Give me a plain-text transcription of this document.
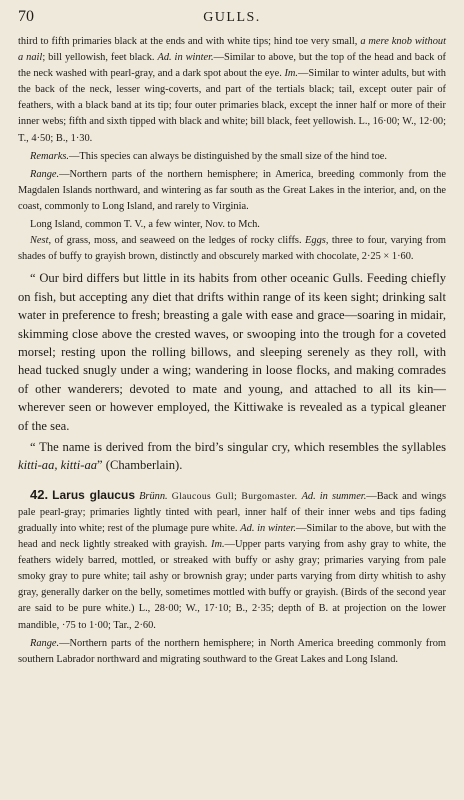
70	GULLS.

third to fifth primaries black at the ends and with white tips; hind toe very small, a mere knob without a nail; bill yellowish, feet black. Ad. in winter.—Similar to above, but the top of the head and back of the neck washed with pearl-gray, and a dark spot about the eye. Im.—Similar to winter adults, but with the back of the neck, lesser wing-coverts, and part of the tertials black; tail, except outer pair of feathers, with a black band at its tip; four outer primaries black, except the inner half or more of their inner webs; fifth and sixth tipped with black and white; bill black, feet yellowish. L., 16·00; W., 12·00; T., 4·50; B., 1·30.

Remarks.—This species can always be distinguished by the small size of the hind toe.

Range.—Northern parts of the northern hemisphere; in America, breeding commonly from the Magdalen Islands northward, and wintering as far south as the Great Lakes in the interior, and, on the coast, commonly to Long Island, and rarely to Virginia.

Long Island, common T. V., a few winter, Nov. to Mch.

Nest, of grass, moss, and seaweed on the ledges of rocky cliffs. Eggs, three to four, varying from shades of buffy to grayish brown, distinctly and obscurely marked with chocolate, 2·25 × 1·60.

“ Our bird differs but little in its habits from other oceanic Gulls. Feeding chiefly on fish, but accepting any diet that drifts within range of its keen sight; drinking salt water in preference to fresh; breasting a gale with ease and grace—soaring in midair, skimming close above the crested waves, or swooping into the trough for a coveted morsel; resting upon the rolling billows, and sleeping serenely as they roll, with head tucked snugly under a wing; wandering in loose flocks, and making comrades of other wanderers; devoted to mate and young, and attached to all its kin—wherever seen or however employed, the Kittiwake is revealed as a typical gleaner of the sea.

“ The name is derived from the bird’s singular cry, which resembles the syllables kitti-aa, kitti-aa” (Chamberlain).

42. Larus glaucus Brünn. Glaucous Gull; Burgomaster. Ad. in summer.—Back and wings pale pearl-gray; primaries lightly tinted with pearl, inner half of their inner webs and tips fading gradually into white; rest of the plumage pure white. Ad. in winter.—Similar to the above, but with the head and neck lightly streaked with grayish. Im.—Upper parts varying from ashy gray to white, the feathers widely barred, mottled, or streaked with buffy or ashy gray; primaries varying from pale smoky gray to pure white; tail ashy or brownish gray; under parts varying from dirty whitish to ashy gray, generally darker on the belly, sometimes mottled with buffy or grayish. (Birds of the second year are said to be pure white.) L., 28·00; W., 17·10; B., 2·35; depth of B. at projection on the lower mandible, ·75 to 1·00; Tar., 2·60.

Range.—Northern parts of the northern hemisphere; in North America breeding commonly from southern Labrador northward and migrating southward to the Great Lakes and Long Island.
